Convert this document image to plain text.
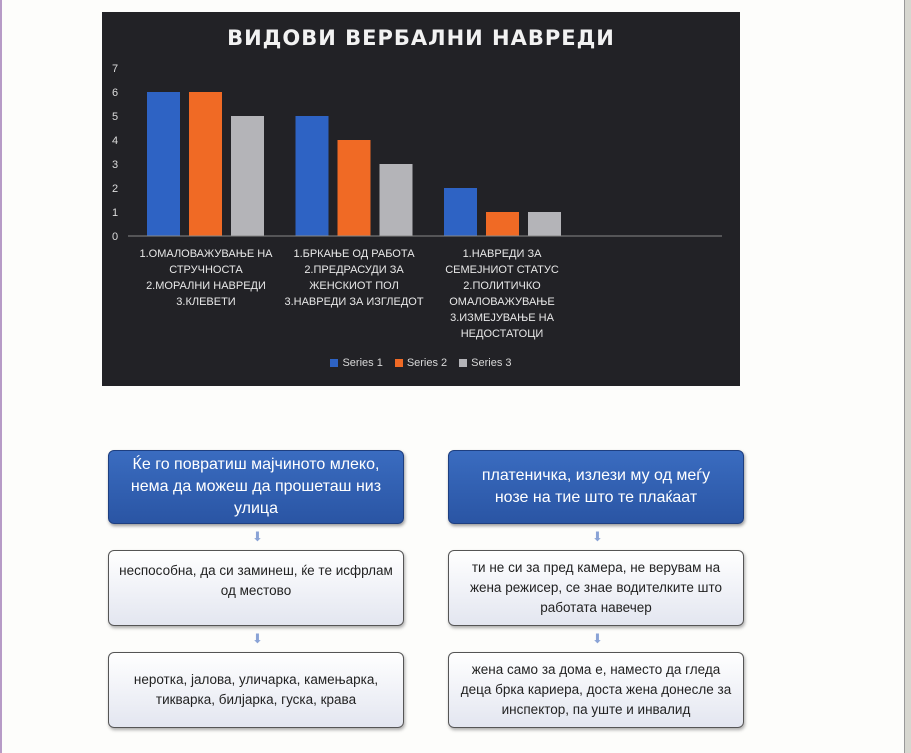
0
1
2
3
4
5
6
7
ВИДОВИ ВЕРБАЛНИ НАВРЕДИ
1.ОМАЛОВАЖУВАЊЕ НА СТРУЧНОСТА
2.МОРАЛНИ НАВРЕДИ
3.КЛЕВЕТИ
1.БРКАЊЕ ОД РАБОТА
2.ПРЕДРАСУДИ ЗА ЖЕНСКИОТ ПОЛ
3.НАВРЕДИ ЗА ИЗГЛЕДОТ
1.НАВРЕДИ ЗА СЕМЕЈНИОТ СТАТУС
2.ПОЛИТИЧКО ОМАЛОВАЖУВАЊЕ
3.ИЗМЕЈУВАЊЕ НА НЕДОСТАТОЦИ
Series 1 Series 2 Series 3
Ќе го повратиш мајчиното млеко, нема да можеш да прошеташ низ улица
⬇
неспособна, да си заминеш, ќе те исфрлам од местово
⬇
неротка, јалова, уличарка, камењарка, тикварка, билјарка, гуска, крава
платеничка, излези му од меѓу нозе на тие што те плаќаат
⬇
ти не си за пред камера, не верувам на жена режисер, се знае водителките што работата навечер
⬇
жена само за дома е, наместо да гледа деца брка кариера, доста жена донесле за инспектор, па уште и инвалид
